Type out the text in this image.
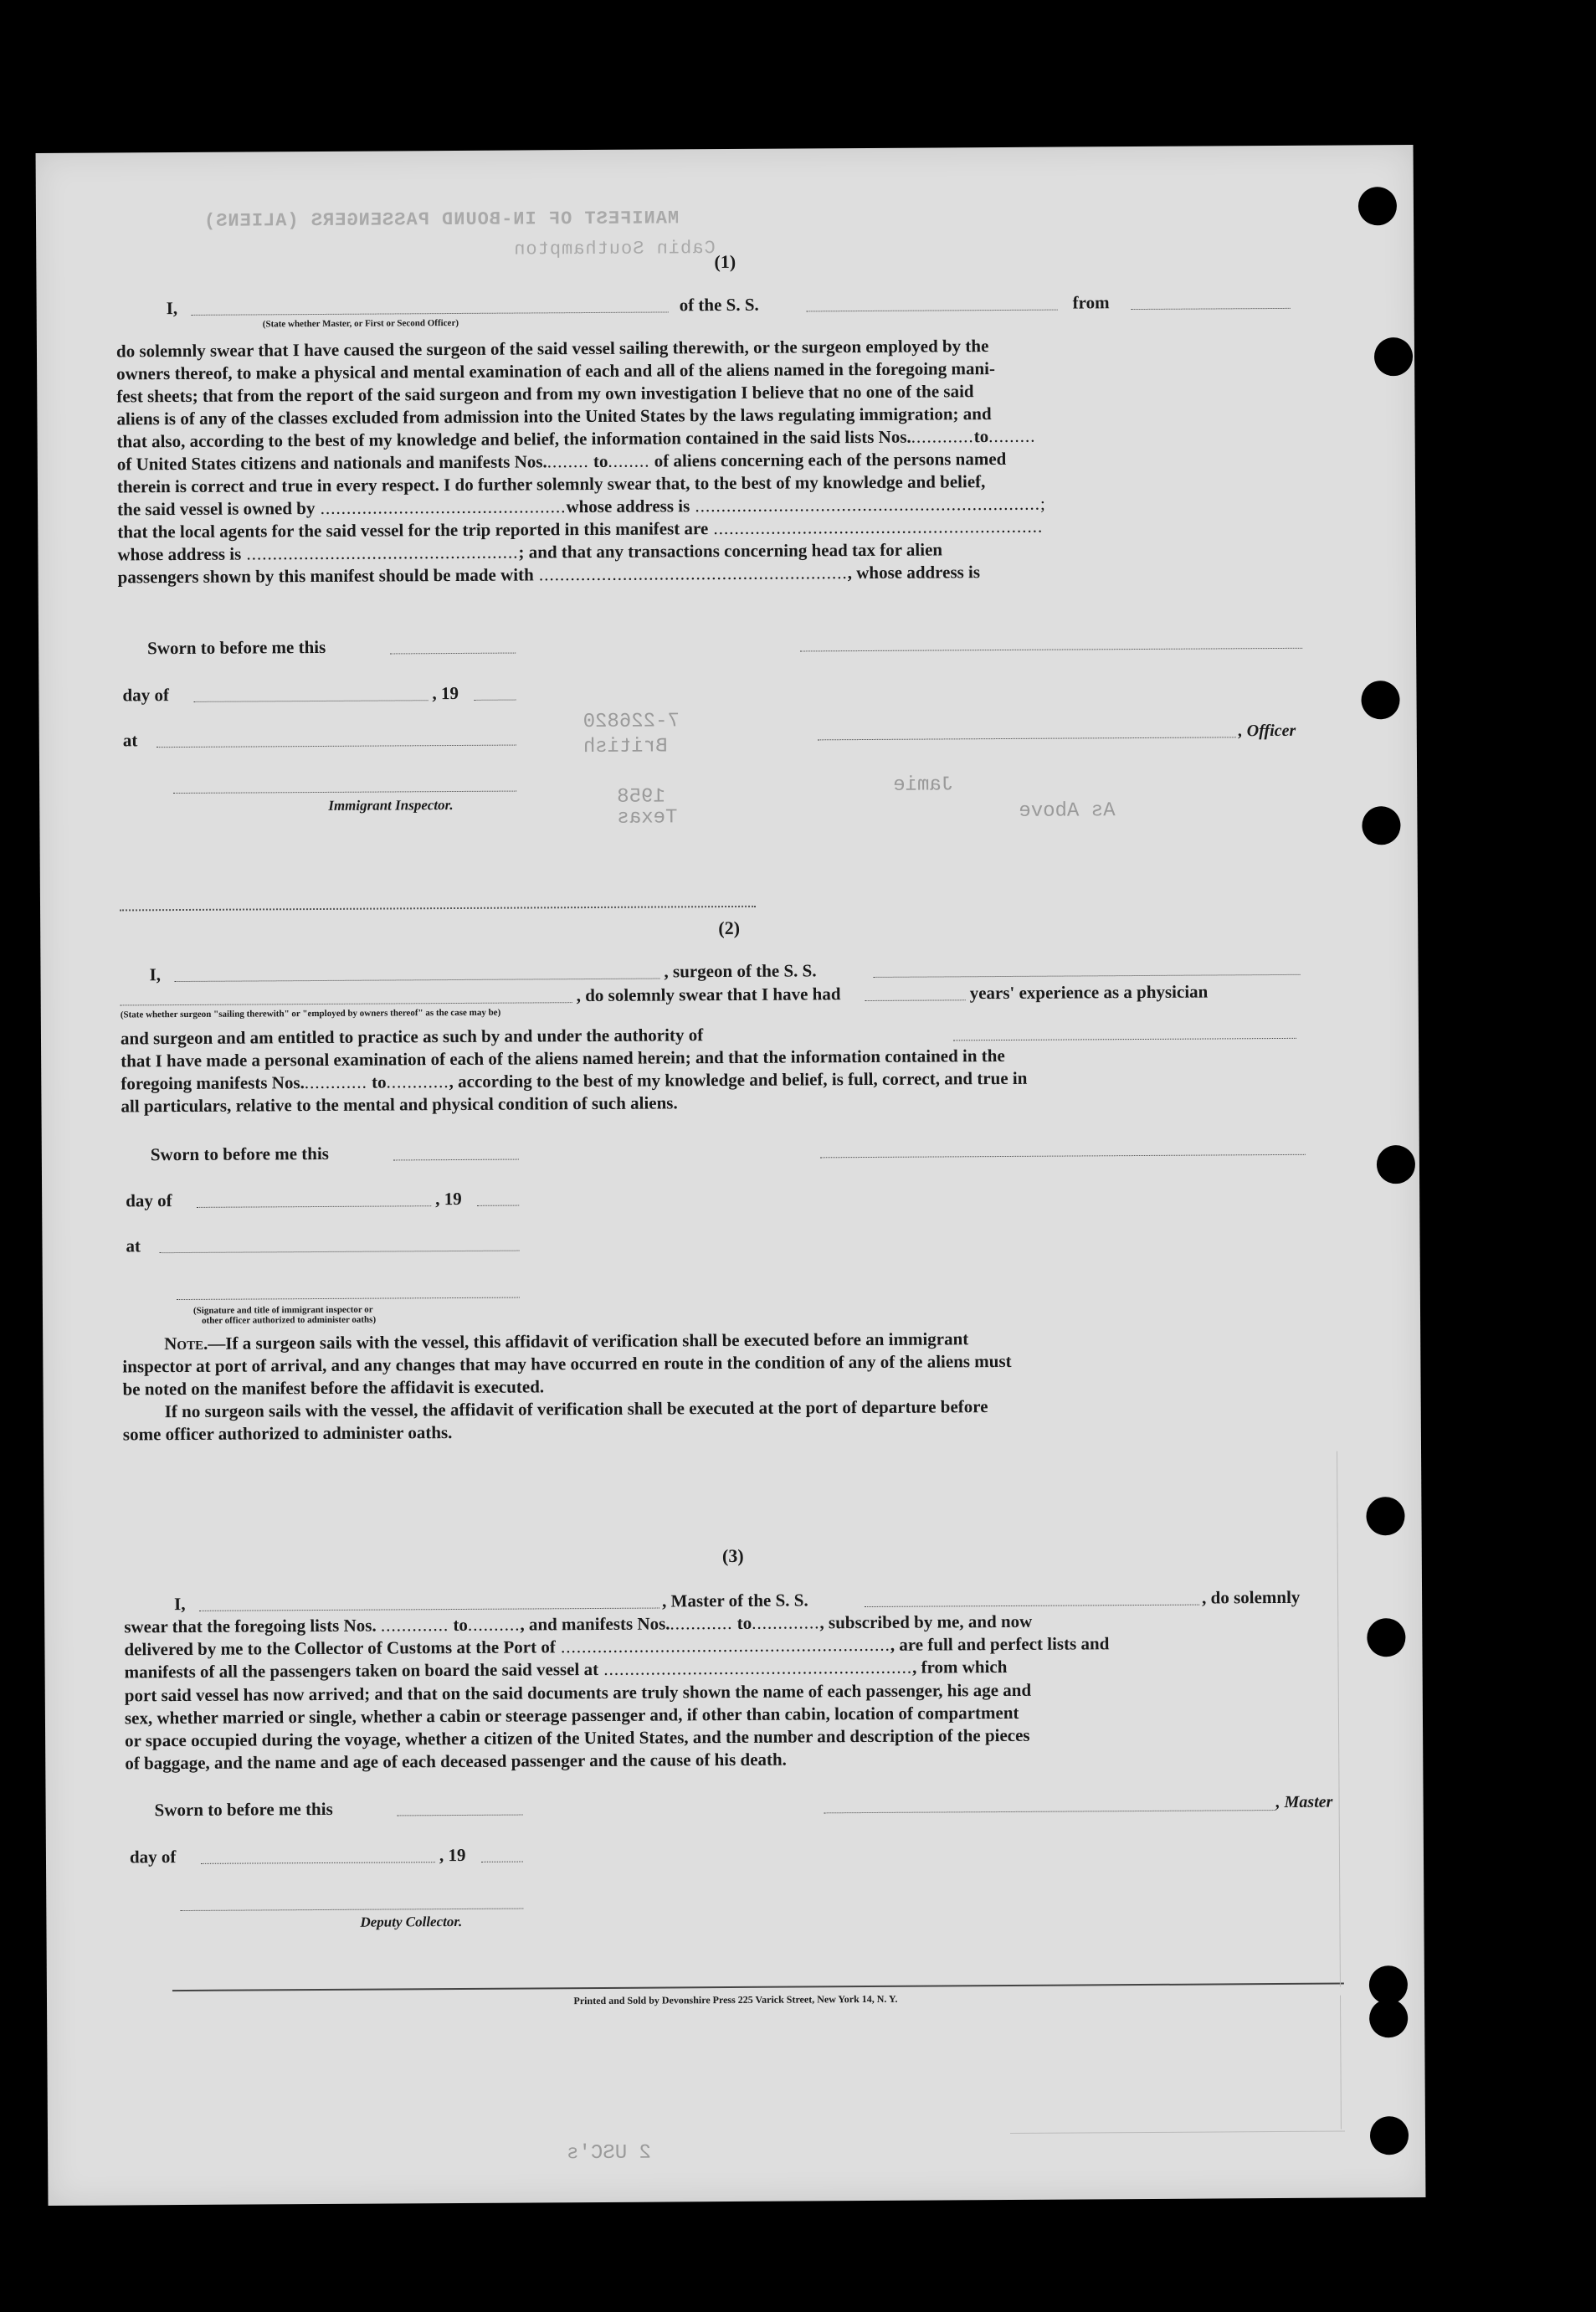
MANIFEST OF IN-BOUND PASSENGERS (ALIENS)
Cabin Southampton
(1)
I,	of the S. S.	from
(State whether Master, or First or Second Officer)
do solemnly swear that I have caused the surgeon of the said vessel sailing therewith, or the surgeon employed by the
owners thereof, to make a physical and mental examination of each and all of the aliens named in the foregoing mani-
fest sheets; that from the report of the said surgeon and from my own investigation I believe that no one of the said
aliens is of any of the classes excluded from admission into the United States by the laws regulating immigration; and
that also, according to the best of my knowledge and belief, the information contained in the said lists Nos.............to.........
of United States citizens and nationals and manifests Nos......... to........ of aliens concerning each of the persons named
therein is correct and true in every respect. I do further solemnly swear that, to the best of my knowledge and belief,
the said vessel is owned by ...............................................whose address is ..................................................................;
that the local agents for the said vessel for the trip reported in this manifest are ...............................................................
whose address is ....................................................; and that any transactions concerning head tax for alien
passengers shown by this manifest should be made with ..........................................................., whose address is
Sworn to before me this
day of	, 19
at	, Officer
Immigrant Inspector.
7-226820
British
1958
Texas
Jamie
As Above
(2)
I,	, surgeon of the S. S.
, do solemnly swear that I have had	years' experience as a physician
(State whether surgeon "sailing therewith" or "employed by owners thereof" as the case may be)
and surgeon and am entitled to practice as such by and under the authority of
that I have made a personal examination of each of the aliens named herein; and that the information contained in the
foregoing manifests Nos............. to............, according to the best of my knowledge and belief, is full, correct, and true in
all particulars, relative to the mental and physical condition of such aliens.
Sworn to before me this
day of	, 19
at
(Signature and title of immigrant inspector or
other officer authorized to administer oaths)
Note.—If a surgeon sails with the vessel, this affidavit of verification shall be executed before an immigrant
inspector at port of arrival, and any changes that may have occurred en route in the condition of any of the aliens must
be noted on the manifest before the affidavit is executed.
If no surgeon sails with the vessel, the affidavit of verification shall be executed at the port of departure before
some officer authorized to administer oaths.
(3)
I,	, Master of the S. S.	, do solemnly
swear that the foregoing lists Nos. ............. to.........., and manifests Nos............. to............., subscribed by me, and now
delivered by me to the Collector of Customs at the Port of ..............................................................., are full and perfect lists and
manifests of all the passengers taken on board the said vessel at ..........................................................., from which
port said vessel has now arrived; and that on the said documents are truly shown the name of each passenger, his age and
sex, whether married or single, whether a cabin or steerage passenger and, if other than cabin, location of compartment
or space occupied during the voyage, whether a citizen of the United States, and the number and description of the pieces
of baggage, and the name and age of each deceased passenger and the cause of his death.
Sworn to before me this	, Master
day of	, 19
Deputy Collector.
Printed and Sold by Devonshire Press 225 Varick Street, New York 14, N. Y.
2 USC's
